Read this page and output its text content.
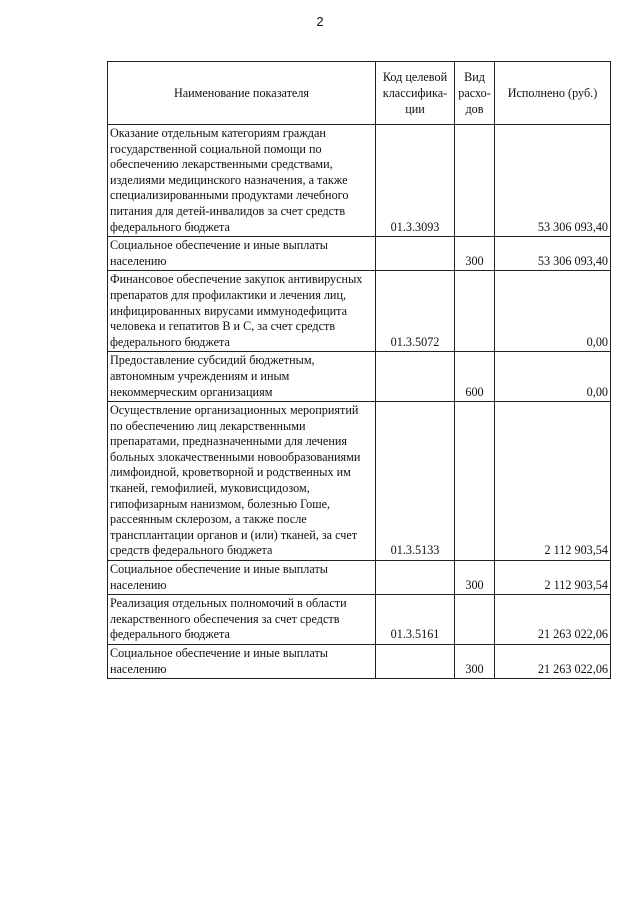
2
Наименование показателя	Код целевой классифика-ции	Вид расхо-дов	Исполнено (руб.)
Оказание отдельным категориям граждан государственной социальной помощи по обеспечению лекарственными средствами, изделиями медицинского назначения, а также специализированными продуктами лечебного питания для детей-инвалидов за счет средств федерального бюджета	01.3.3093		53 306 093,40
Социальное обеспечение и иные выплаты населению		300	53 306 093,40
Финансовое обеспечение закупок антивирусных препаратов для профилактики и лечения лиц, инфицированных вирусами иммунодефицита человека и гепатитов В и С, за счет средств федерального бюджета	01.3.5072		0,00
Предоставление субсидий бюджетным, автономным учреждениям и иным некоммерческим организациям		600	0,00
Осуществление организационных мероприятий по обеспечению лиц лекарственными препаратами, предназначенными для лечения больных злокачественными новообразованиями лимфоидной, кроветворной и родственных им тканей, гемофилией, муковисцидозом, гипофизарным нанизмом, болезнью Гоше, рассеянным склерозом, а также после трансплантации органов и (или) тканей, за счет средств федерального бюджета	01.3.5133		2 112 903,54
Социальное обеспечение и иные выплаты населению		300	2 112 903,54
Реализация отдельных полномочий в области лекарственного обеспечения за счет средств федерального бюджета	01.3.5161		21 263 022,06
Социальное обеспечение и иные выплаты населению		300	21 263 022,06
